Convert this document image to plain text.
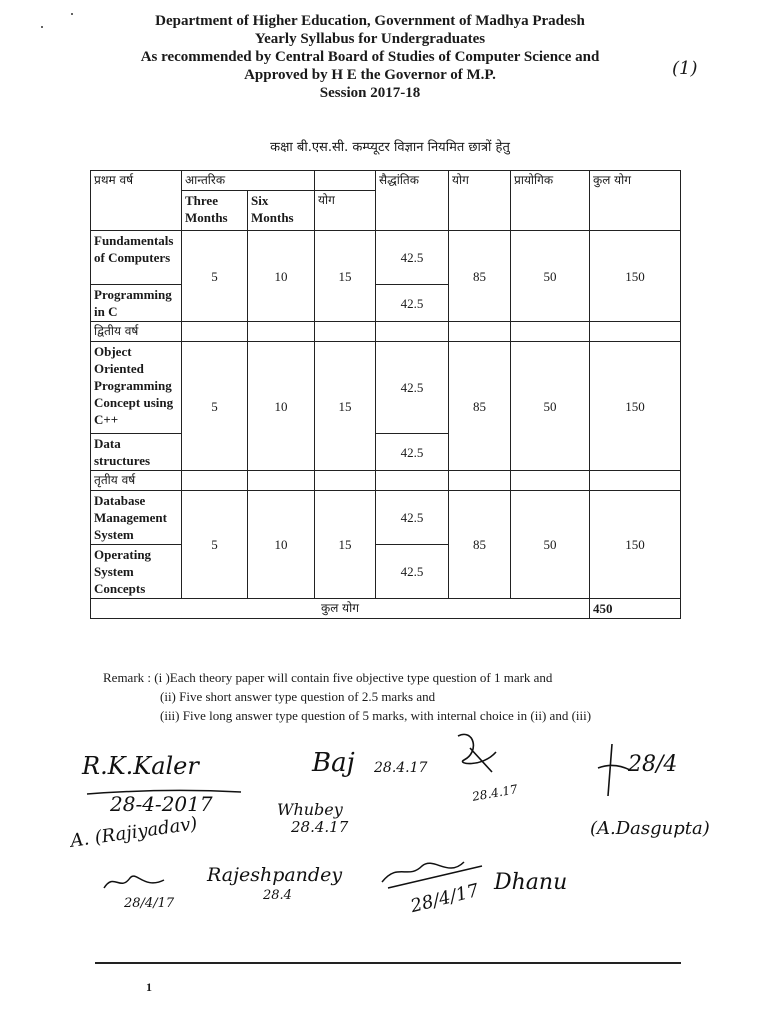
Department of Higher Education, Government of Madhya Pradesh
Yearly Syllabus for Undergraduates
As recommended by Central Board of Studies of Computer Science and
Approved by H E the Governor of M.P.
Session 2017-18
(1)
कक्षा बी.एस.सी. कम्प्यूटर विज्ञान नियमित छात्रों हेतु
प्रथम वर्ष	आन्तरिक			सैद्धांतिक	योग	प्रायोगिक	कुल योग
	Three Months	Six Months	योग				
Fundamentals of Computers	5	10	15	42.5	85	50	150
Programming in C				42.5			
द्वितीय वर्ष							
Object Oriented Programming Concept using C++	5	10	15	42.5	85	50	150
Data structures				42.5			
तृतीय वर्ष							
Database Management System	5	10	15	42.5	85	50	150
Operating System Concepts				42.5			
कुल योग							450
Remark : (i )Each theory paper will contain five objective type question of 1 mark and
(ii) Five short answer type question of 2.5 marks and
(iii) Five long answer type question of 5 marks, with internal choice in (ii) and (iii)
R.K.Kaler
28-4-2017
A. (Rajiyadav)
Baj 28.4.17
28.4.17
28/4
(A.Dasgupta)
Whubey
28.4.17
28/4/17
Rajeshpandey
28.4	28/4/17 Dhanu
1
